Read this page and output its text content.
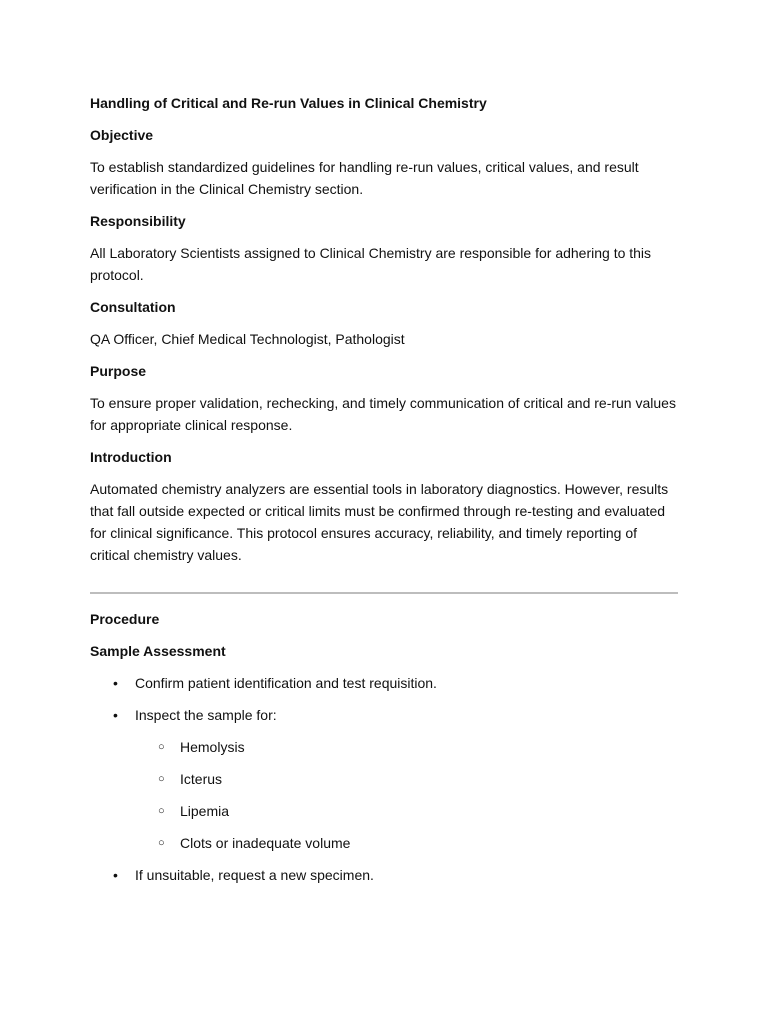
Handling of Critical and Re-run Values in Clinical Chemistry
Objective
To establish standardized guidelines for handling re-run values, critical values, and result verification in the Clinical Chemistry section.
Responsibility
All Laboratory Scientists assigned to Clinical Chemistry are responsible for adhering to this protocol.
Consultation
QA Officer, Chief Medical Technologist, Pathologist
Purpose
To ensure proper validation, rechecking, and timely communication of critical and re-run values for appropriate clinical response.
Introduction
Automated chemistry analyzers are essential tools in laboratory diagnostics. However, results that fall outside expected or critical limits must be confirmed through re-testing and evaluated for clinical significance. This protocol ensures accuracy, reliability, and timely reporting of critical chemistry values.
Procedure
Sample Assessment
• Confirm patient identification and test requisition.
• Inspect the sample for:
○ Hemolysis
○ Icterus
○ Lipemia
○ Clots or inadequate volume
• If unsuitable, request a new specimen.
